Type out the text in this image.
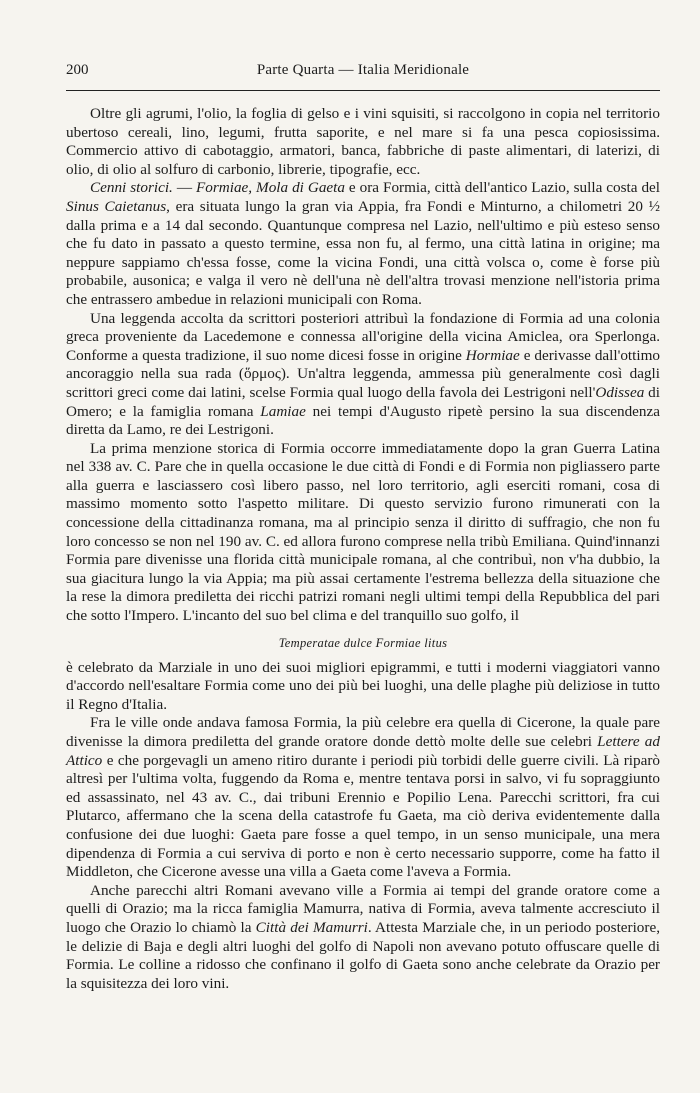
200	Parte Quarta — Italia Meridionale

Oltre gli agrumi, l'olio, la foglia di gelso e i vini squisiti, si raccolgono in copia nel territorio ubertoso cereali, lino, legumi, frutta saporite, e nel mare si fa una pesca copiosissima. Commercio attivo di cabotaggio, armatori, banca, fabbriche di paste alimentari, di laterizi, di olio, di olio al solfuro di carbonio, librerie, tipografie, ecc.

Cenni storici. — Formiae, Mola di Gaeta e ora Formia, città dell'antico Lazio, sulla costa del Sinus Caietanus, era situata lungo la gran via Appia, fra Fondi e Minturno, a chilometri 20 ½ dalla prima e a 14 dal secondo. Quantunque compresa nel Lazio, nell'ultimo e più esteso senso che fu dato in passato a questo termine, essa non fu, al fermo, una città latina in origine; ma neppure sappiamo ch'essa fosse, come la vicina Fondi, una città volsca o, come è forse più probabile, ausonica; e valga il vero nè dell'una nè dell'altra trovasi menzione nell'istoria prima che entrassero ambedue in relazioni municipali con Roma.

Una leggenda accolta da scrittori posteriori attribuì la fondazione di Formia ad una colonia greca proveniente da Lacedemone e connessa all'origine della vicina Amiclea, ora Sperlonga. Conforme a questa tradizione, il suo nome dicesi fosse in origine Hormiae e derivasse dall'ottimo ancoraggio nella sua rada (ὅρμος). Un'altra leggenda, ammessa più generalmente così dagli scrittori greci come dai latini, scelse Formia qual luogo della favola dei Lestrigoni nell'Odissea di Omero; e la famiglia romana Lamiae nei tempi d'Augusto ripetè persino la sua discendenza diretta da Lamo, re dei Lestrigoni.

La prima menzione storica di Formia occorre immediatamente dopo la gran Guerra Latina nel 338 av. C. Pare che in quella occasione le due città di Fondi e di Formia non pigliassero parte alla guerra e lasciassero così libero passo, nel loro territorio, agli eserciti romani, cosa di massimo momento sotto l'aspetto militare. Di questo servizio furono rimunerati con la concessione della cittadinanza romana, ma al principio senza il diritto di suffragio, che non fu loro concesso se non nel 190 av. C. ed allora furono comprese nella tribù Emiliana. Quind'innanzi Formia pare divenisse una florida città municipale romana, al che contribuì, non v'ha dubbio, la sua giacitura lungo la via Appia; ma più assai certamente l'estrema bellezza della situazione che la rese la dimora prediletta dei ricchi patrizi romani negli ultimi tempi della Repubblica del pari che sotto l'Impero. L'incanto del suo bel clima e del tranquillo suo golfo, il

Temperatae dulce Formiae litus

è celebrato da Marziale in uno dei suoi migliori epigrammi, e tutti i moderni viaggiatori vanno d'accordo nell'esaltare Formia come uno dei più bei luoghi, una delle plaghe più deliziose in tutto il Regno d'Italia.

Fra le ville onde andava famosa Formia, la più celebre era quella di Cicerone, la quale pare divenisse la dimora prediletta del grande oratore donde dettò molte delle sue celebri Lettere ad Attico e che porgevagli un ameno ritiro durante i periodi più torbidi delle guerre civili. Là riparò altresì per l'ultima volta, fuggendo da Roma e, mentre tentava porsi in salvo, vi fu sopraggiunto ed assassinato, nel 43 av. C., dai tribuni Erennio e Popilio Lena. Parecchi scrittori, fra cui Plutarco, affermano che la scena della catastrofe fu Gaeta, ma ciò deriva evidentemente dalla confusione dei due luoghi: Gaeta pare fosse a quel tempo, in un senso municipale, una mera dipendenza di Formia a cui serviva di porto e non è certo necessario supporre, come ha fatto il Middleton, che Cicerone avesse una villa a Gaeta come l'aveva a Formia.

Anche parecchi altri Romani avevano ville a Formia ai tempi del grande oratore come a quelli di Orazio; ma la ricca famiglia Mamurra, nativa di Formia, aveva talmente accresciuto il luogo che Orazio lo chiamò la Città dei Mamurri. Attesta Marziale che, in un periodo posteriore, le delizie di Baja e degli altri luoghi del golfo di Napoli non avevano potuto offuscare quelle di Formia. Le colline a ridosso che confinano il golfo di Gaeta sono anche celebrate da Orazio per la squisitezza dei loro vini.
